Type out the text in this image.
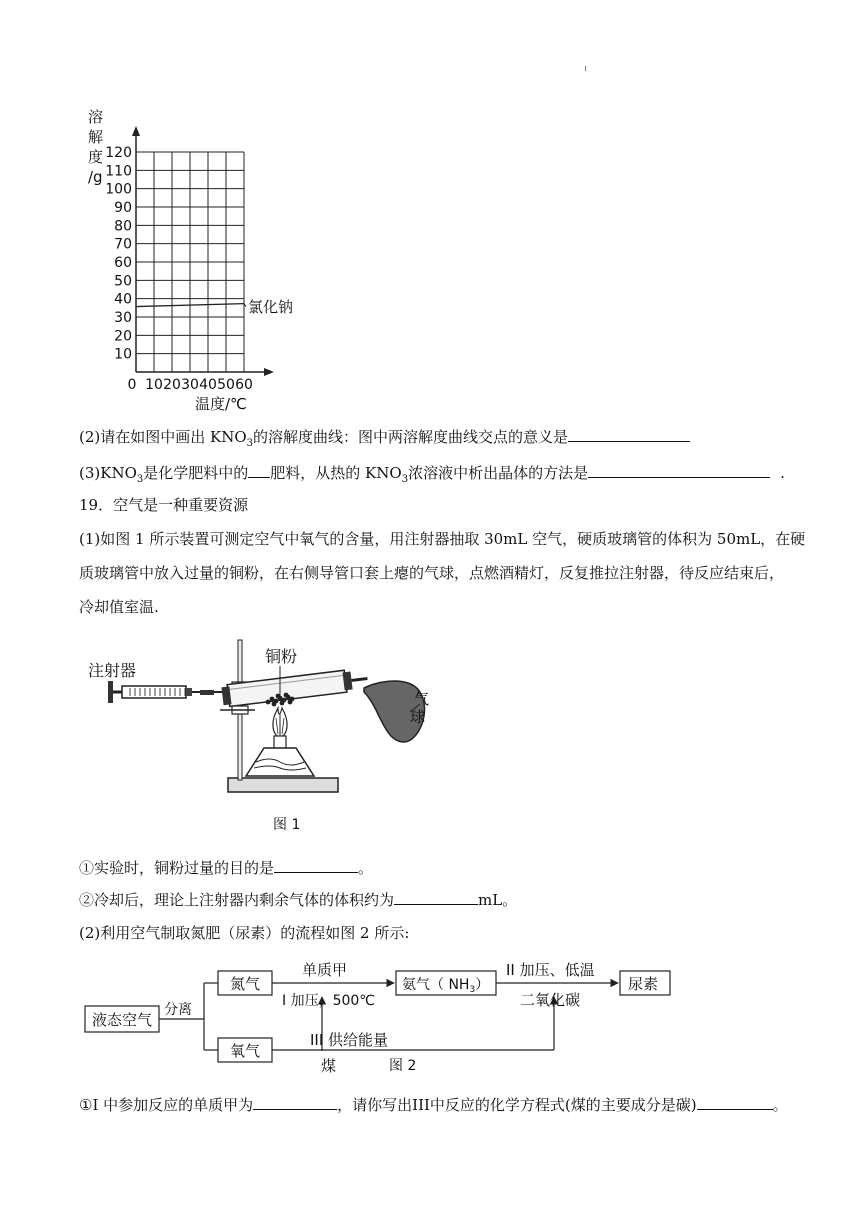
120
110
100
90
80
70
60
50
40
30
20
10
0 10 20 30 40 50 60
溶
解
度
/g
温度/℃
氯化钠
(2)请在如图中画出 $KNO_3$的溶解度曲线：图中两溶解度曲线交点的意义是
$(3)KNO_3$是化学肥料中的 肥料，从热的 $KNO_3$浓溶液中析出晶体的方法是	.
19．空气是一种重要资源
(1)如图 1 所示装置可测定空气中氧气的含量，用注射器抽取 30mL 空气，硬质玻璃管的体积为 50mL，在硬
质玻璃管中放入过量的铜粉，在右侧导管口套上瘪的气球，点燃酒精灯，反复推拉注射器，待反应结束后，
冷却值室温.
注射器
铜粉
气
球
图 1
①实验时，铜粉过量的目的是	。
②冷却后，理论上注射器内剩余气体的体积约为	mL。
(2)利用空气制取氮肥（尿素）的流程如图 2 所示:
液态空气
分离
氮气
氧气
单质甲
I 加压，500℃
氨气（ $NH_3$）
II 加压、低温
二氧化碳
尿素
III 供给能量
煤	图 2
①I 中参加反应的单质甲为	，请你写出III中反应的化学方程式(煤的主要成分是碳)	。
